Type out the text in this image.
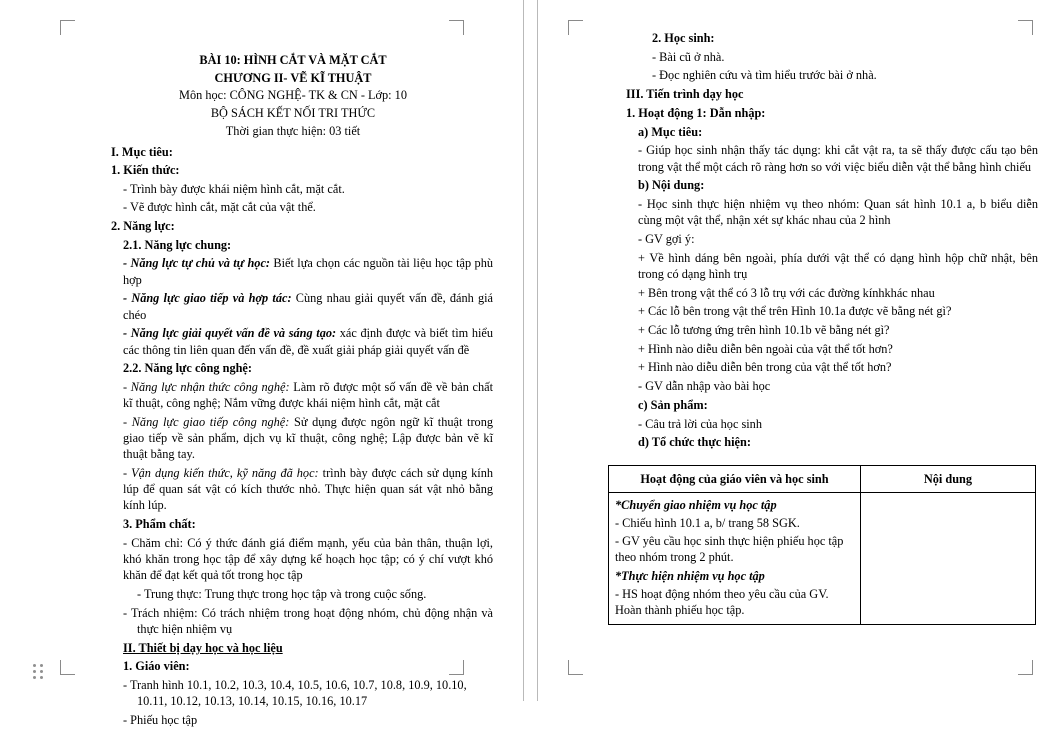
BÀI 10: HÌNH CẮT VÀ MẶT CẮT

CHƯƠNG II- VẼ KĨ THUẬT

Môn học: CÔNG NGHỆ- TK & CN - Lớp: 10

BỘ SÁCH KẾT NỐI TRI THỨC

Thời gian thực hiện: 03 tiết

I. Mục tiêu:

1. Kiến thức:

- Trình bày được khái niệm hình cắt, mặt cắt.

- Vẽ được hình cắt, mặt cắt của vật thể.

2. Năng lực:

2.1. Năng lực chung:

- Năng lực tự chủ và tự học: Biết lựa chọn các nguồn tài liệu học tập phù hợp

- Năng lực giao tiếp và hợp tác: Cùng nhau giải quyết vấn đề, đánh giá chéo

- Năng lực giải quyết vấn đề và sáng tạo: xác định được và biết tìm hiểu các thông tin liên quan đến vấn đề, đề xuất giải pháp giải quyết vấn đề

2.2. Năng lực công nghệ:

- Năng lực nhận thức công nghệ: Làm rõ được một số vấn đề về bản chất kĩ thuật, công nghệ; Nắm vững được khái niệm hình cắt, mặt cắt

- Năng lực giao tiếp công nghệ: Sử dụng được ngôn ngữ kĩ thuật trong giao tiếp về sản phẩm, dịch vụ kĩ thuật, công nghệ; Lập được bản vẽ kĩ thuật bằng tay.

- Vận dụng kiến thức, kỹ năng đã học: trình bày được cách sử dụng kính lúp để quan sát vật có kích thước nhỏ. Thực hiện quan sát vật nhỏ bằng kính lúp.

3. Phẩm chất:

- Chăm chỉ: Có ý thức đánh giá điểm mạnh, yếu của bản thân, thuận lợi, khó khăn trong học tập để xây dựng kế hoạch học tập; có ý chí vượt khó khăn để đạt kết quả tốt trong học tập

- Trung thực: Trung thực trong học tập và trong cuộc sống.

- Trách nhiệm: Có trách nhiệm trong hoạt động nhóm, chủ động nhận và thực hiện nhiệm vụ

II. Thiết bị dạy học và học liệu

1. Giáo viên:

- Tranh hình 10.1, 10.2, 10.3, 10.4, 10.5, 10.6, 10.7, 10.8, 10.9, 10.10, 10.11, 10.12, 10.13, 10.14, 10.15, 10.16, 10.17

- Phiếu học tập

2. Học sinh:

- Bài cũ ở nhà.

- Đọc nghiên cứu và tìm hiểu trước bài ở nhà.

III. Tiến trình dạy học

1. Hoạt động 1: Dẫn nhập:

a) Mục tiêu:

- Giúp học sinh nhận thấy tác dụng: khi cắt vật ra, ta sẽ thấy được cấu tạo bên trong vật thể một cách rõ ràng hơn so với việc biểu diễn vật thể bằng hình chiếu

b) Nội dung:

- Học sinh thực hiện nhiệm vụ theo nhóm: Quan sát hình 10.1 a, b biểu diễn cùng một vật thể, nhận xét sự khác nhau của 2 hình

- GV gợi ý:

+ Về hình dáng bên ngoài, phía dưới vật thể có dạng hình hộp chữ nhật, bên trong có dạng hình trụ

+ Bên trong vật thể có 3 lỗ trụ với các đường kínhkhác nhau

+ Các lỗ bên trong vật thể trên Hình 10.1a được vẽ bằng nét gì?

+ Các lỗ tương ứng trên hình 10.1b vẽ bằng nét gì?

+ Hình nào diễu diễn bên ngoài của vật thể tốt hơn?

+ Hình nào diễu diễn bên trong của vật thể tốt hơn?

- GV dẫn nhập vào bài học

c) Sản phẩm:

- Câu trả lời của học sinh

d) Tổ chức thực hiện:

Hoạt động của giáo viên và học sinh	Nội dung

*Chuyển giao nhiệm vụ học tập

- Chiếu hình 10.1 a, b/ trang 58 SGK.

- GV yêu cầu học sinh thực hiện phiếu học tập theo nhóm trong 2 phút.

*Thực hiện nhiệm vụ học tập

- HS hoạt động nhóm theo yêu cầu của GV. Hoàn thành phiếu học tập.	
